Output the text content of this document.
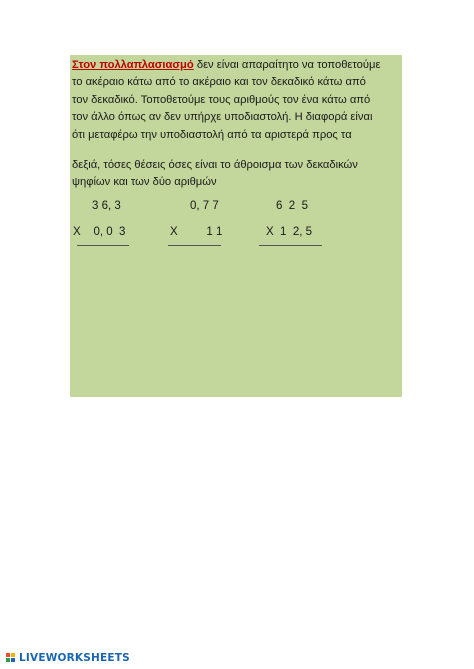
Στον πολλαπλασιασμό δεν είναι απαραίτητο να τοποθετούμε
το ακέραιο κάτω από το ακέραιο και τον δεκαδικό κάτω από
τον δεκαδικό. Τοποθετούμε τους αριθμούς τον ένα κάτω από
τον άλλο όπως αν δεν υπήρχε υποδιαστολή. Η διαφορά είναι
ότι μεταφέρω την υποδιαστολή από τα αριστερά προς τα

δεξιά, τόσες θέσεις όσες είναι το άθροισμα των δεκαδικών
ψηφίων και των δύο αριθμών

3 6, 3
Χ    0, 0  3
0, 7 7
Χ         1 1
6  2  5
Χ  1  2, 5
LIVEWORKSHEETS
